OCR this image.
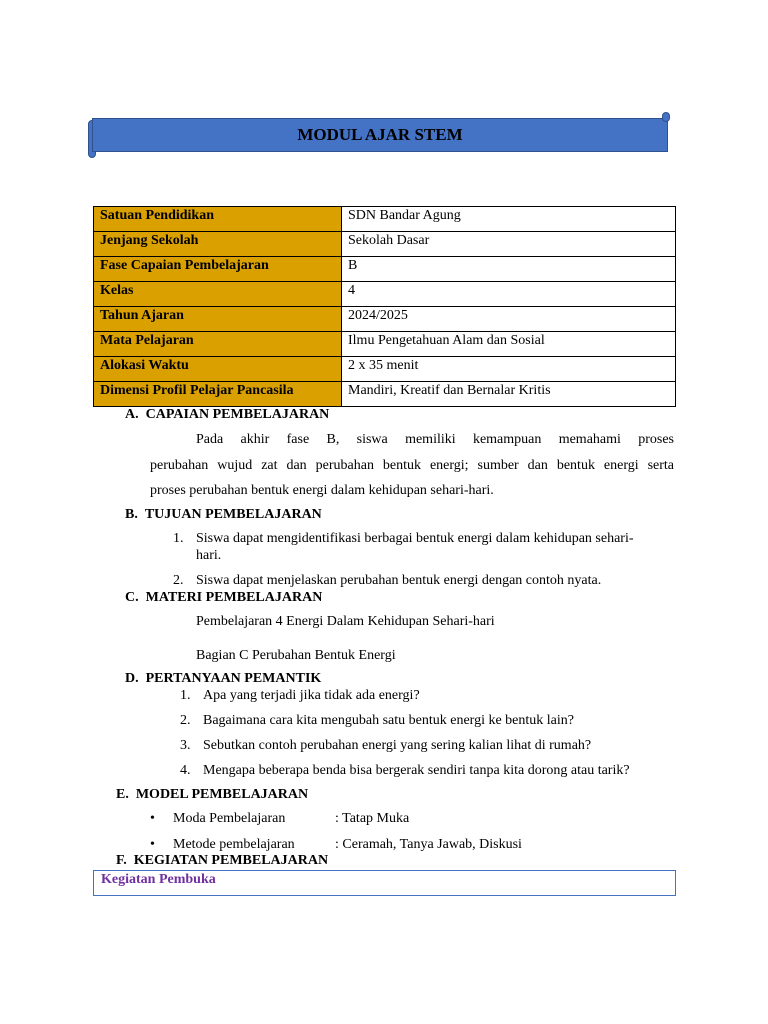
MODUL AJAR STEM
Satuan Pendidikan	SDN Bandar Agung
Jenjang Sekolah	Sekolah Dasar
Fase Capaian Pembelajaran	B
Kelas	4
Tahun Ajaran	2024/2025
Mata Pelajaran	Ilmu Pengetahuan Alam dan Sosial
Alokasi Waktu	2 x 35 menit
Dimensi Profil Pelajar Pancasila	Mandiri, Kreatif dan Bernalar Kritis
A.  CAPAIAN PEMBELAJARAN
Pada akhir fase B, siswa memiliki kemampuan memahami proses
perubahan wujud zat dan perubahan bentuk energi; sumber dan bentuk energi serta
proses perubahan bentuk energi dalam kehidupan sehari-hari.
B.  TUJUAN PEMBELAJARAN
1. Siswa dapat mengidentifikasi berbagai bentuk energi dalam kehidupan sehari-
hari.
2. Siswa dapat menjelaskan perubahan bentuk energi dengan contoh nyata.
C.  MATERI PEMBELAJARAN
Pembelajaran 4 Energi Dalam Kehidupan Sehari-hari
Bagian C Perubahan Bentuk Energi
D.  PERTANYAAN PEMANTIK
1. Apa yang terjadi jika tidak ada energi?
2. Bagaimana cara kita mengubah satu bentuk energi ke bentuk lain?
3. Sebutkan contoh perubahan energi yang sering kalian lihat di rumah?
4. Mengapa beberapa benda bisa bergerak sendiri tanpa kita dorong atau tarik?
E.  MODEL PEMBELAJARAN
• Moda Pembelajaran	: Tatap Muka
• Metode pembelajaran	: Ceramah, Tanya Jawab, Diskusi
F.  KEGIATAN PEMBELAJARAN
Kegiatan Pembuka
